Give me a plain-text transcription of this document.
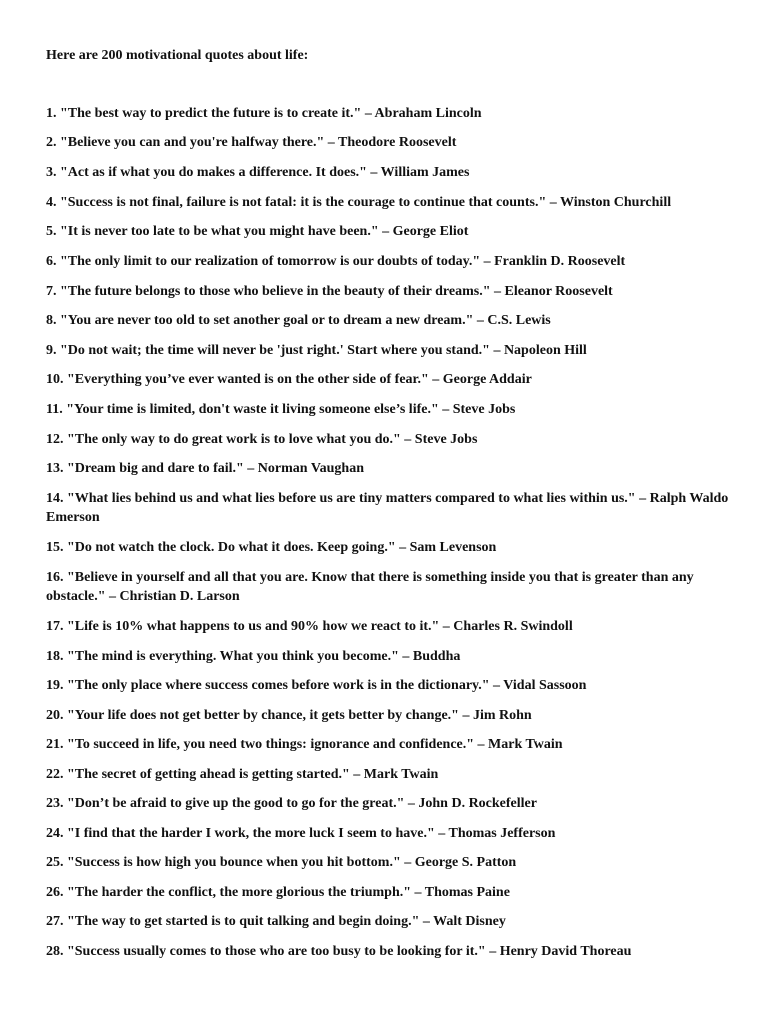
Here are 200 motivational quotes about life:

1. "The best way to predict the future is to create it." – Abraham Lincoln
2. "Believe you can and you're halfway there." – Theodore Roosevelt
3. "Act as if what you do makes a difference. It does." – William James
4. "Success is not final, failure is not fatal: it is the courage to continue that counts." – Winston Churchill
5. "It is never too late to be what you might have been." – George Eliot
6. "The only limit to our realization of tomorrow is our doubts of today." – Franklin D. Roosevelt
7. "The future belongs to those who believe in the beauty of their dreams." – Eleanor Roosevelt
8. "You are never too old to set another goal or to dream a new dream." – C.S. Lewis
9. "Do not wait; the time will never be 'just right.' Start where you stand." – Napoleon Hill
10. "Everything you’ve ever wanted is on the other side of fear." – George Addair
11. "Your time is limited, don't waste it living someone else’s life." – Steve Jobs
12. "The only way to do great work is to love what you do." – Steve Jobs
13. "Dream big and dare to fail." – Norman Vaughan
14. "What lies behind us and what lies before us are tiny matters compared to what lies within us." – Ralph Waldo Emerson
15. "Do not watch the clock. Do what it does. Keep going." – Sam Levenson
16. "Believe in yourself and all that you are. Know that there is something inside you that is greater than any obstacle." – Christian D. Larson
17. "Life is 10% what happens to us and 90% how we react to it." – Charles R. Swindoll
18. "The mind is everything. What you think you become." – Buddha
19. "The only place where success comes before work is in the dictionary." – Vidal Sassoon
20. "Your life does not get better by chance, it gets better by change." – Jim Rohn
21. "To succeed in life, you need two things: ignorance and confidence." – Mark Twain
22. "The secret of getting ahead is getting started." – Mark Twain
23. "Don’t be afraid to give up the good to go for the great." – John D. Rockefeller
24. "I find that the harder I work, the more luck I seem to have." – Thomas Jefferson
25. "Success is how high you bounce when you hit bottom." – George S. Patton
26. "The harder the conflict, the more glorious the triumph." – Thomas Paine
27. "The way to get started is to quit talking and begin doing." – Walt Disney
28. "Success usually comes to those who are too busy to be looking for it." – Henry David Thoreau
